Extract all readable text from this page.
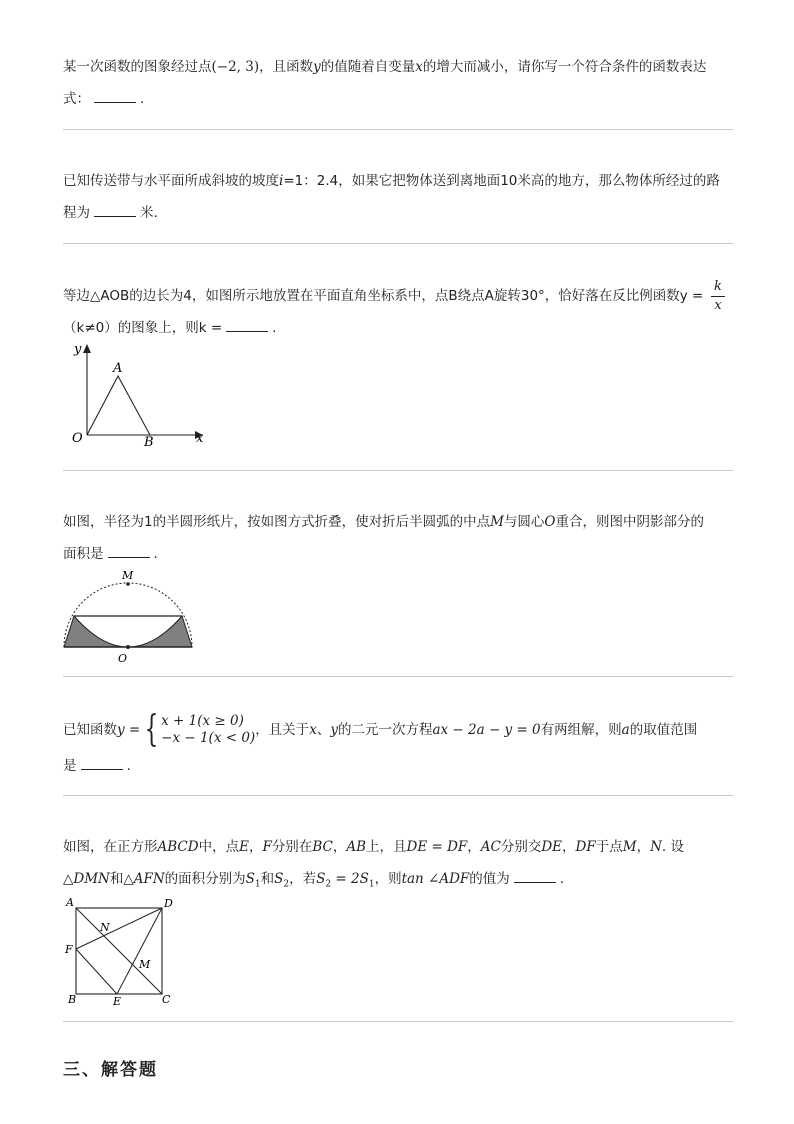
某一次函数的图象经过点(−2, 3)，且函数y的值随着自变量x的增大而减小，请你写一个符合条件的函数表达
式：	.
已知传送带与水平面所成斜坡的坡度i=1：2.4，如果它把物体送到离地面10米高的地方，那么物体所经过的路
程为	米.
等边△AOB的边长为4，如图所示地放置在平面直角坐标系中，点B绕点A旋转30°，恰好落在反比例函数y =
（k≠0）的图象上，则k =	.
k
x
y
x
A
O	B
如图，半径为1的半圆形纸片，按如图方式折叠，使对折后半圆弧的中点M与圆心O重合，则图中阴影部分的
面积是	.
M
O
已知函数y = { x + 1(x ≥ 0)
−x − 1(x < 0) ，且关于x、y的二元一次方程ax − 2a − y = 0有两组解，则a的取值范围
是	.
如图，在正方形ABCD中，点E，F分别在BC，AB上，且DE = DF，AC分别交DE，DF于点M，N. 设
△DMN和△AFN的面积分别为$S_1$和$S_2$，若$S_2 = 2S_1$，则tan ∠ADF的值为	.
A	D
N
F
M
B	E	C
三、解答题
